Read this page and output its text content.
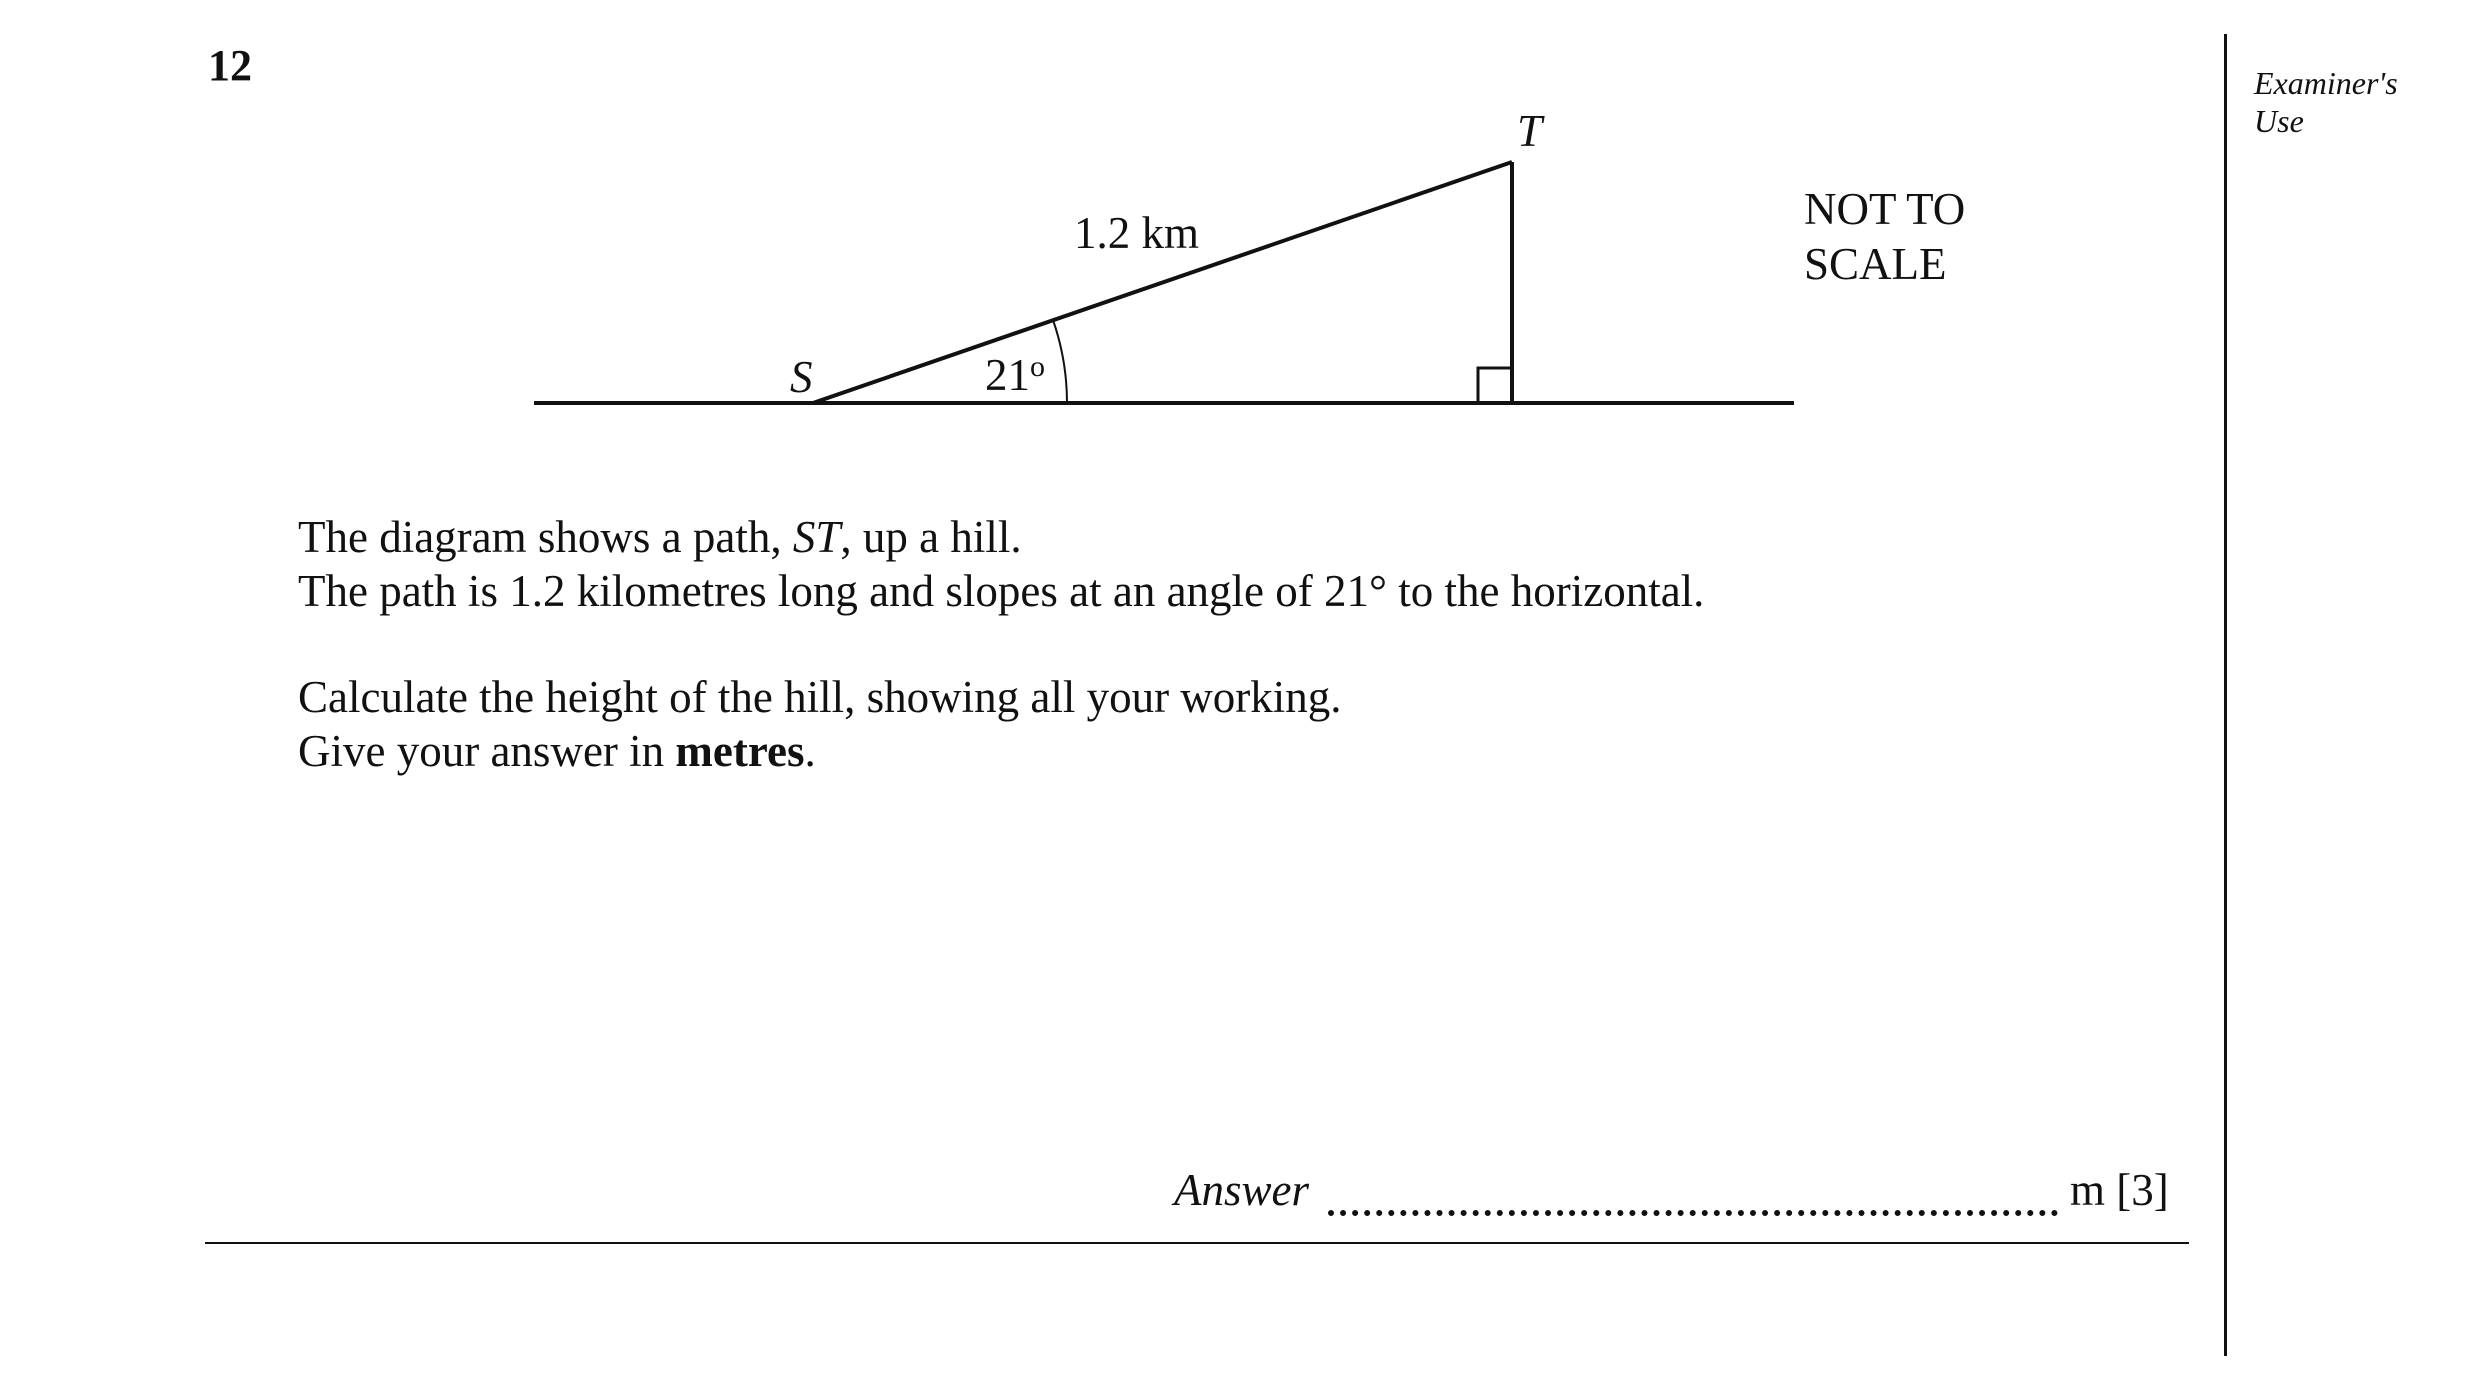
12	Examiner's
Use
S
T
1.2 km
21$^o$
NOT TO
SCALE

The diagram shows a path, ST, up a hill.

The path is 1.2 kilometres long and slopes at an angle of 21° to the horizontal.

Calculate the height of the hill, showing all your working.

Give your answer in metres.

Answer	m [3]
